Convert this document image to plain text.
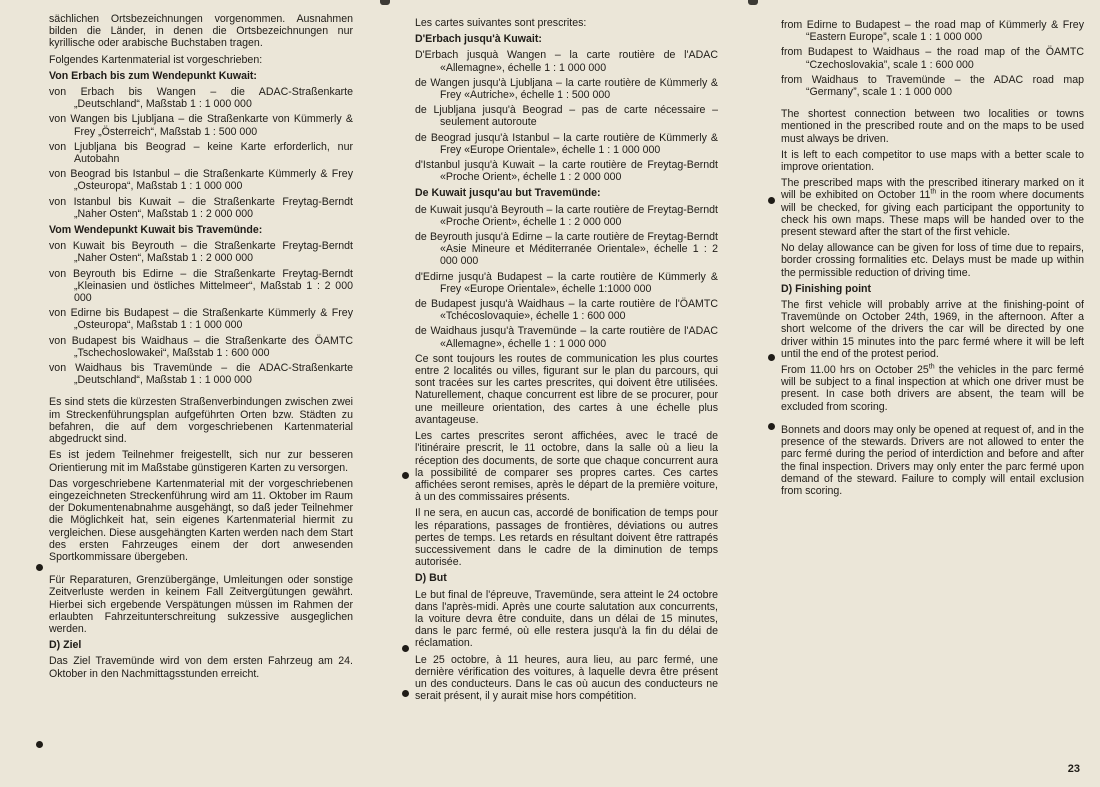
sächlichen Ortsbezeichnungen vorgenommen. Ausnahmen bilden die Länder, in denen die Ortsbezeichnungen nur kyrillische oder arabische Buchstaben tragen.

Folgendes Kartenmaterial ist vorgeschrieben:

Von Erbach bis zum Wendepunkt Kuwait:

von Erbach bis Wangen – die ADAC-Straßenkarte „Deutschland“, Maßstab 1 : 1 000 000

von Wangen bis Ljubljana – die Straßenkarte von Kümmerly & Frey „Österreich“, Maßstab 1 : 500 000

von Ljubljana bis Beograd – keine Karte erforderlich, nur Autobahn

von Beograd bis Istanbul – die Straßenkarte Kümmerly & Frey „Osteuropa“, Maßstab 1 : 1 000 000

von Istanbul bis Kuwait – die Straßenkarte Freytag-Berndt „Naher Osten“, Maßstab 1 : 2 000 000

Vom Wendepunkt Kuwait bis Travemünde:

von Kuwait bis Beyrouth – die Straßenkarte Freytag-Berndt „Naher Osten“, Maßstab 1 : 2 000 000

von Beyrouth bis Edirne – die Straßenkarte Freytag-Berndt „Kleinasien und östliches Mittelmeer“, Maßstab 1 : 2 000 000

von Edirne bis Budapest – die Straßenkarte Kümmerly & Frey „Osteuropa“, Maßstab 1 : 1 000 000

von Budapest bis Waidhaus – die Straßenkarte des ÖAMTC „Tschechoslowakei“, Maßstab 1 : 600 000

von Waidhaus bis Travemünde – die ADAC-Straßenkarte „Deutschland“, Maßstab 1 : 1 000 000

Es sind stets die kürzesten Straßenverbindungen zwischen zwei im Streckenführungsplan aufgeführten Orten bzw. Städten zu befahren, die auf dem vorgeschriebenen Kartenmaterial abgedruckt sind.

Es ist jedem Teilnehmer freigestellt, sich nur zur besseren Orientierung mit im Maßstabe günstigeren Karten zu versorgen.

Das vorgeschriebene Kartenmaterial mit der vorgeschriebenen eingezeichneten Streckenführung wird am 11. Oktober im Raum der Dokumentenabnahme ausgehängt, so daß jeder Teilnehmer die Möglichkeit hat, sein eigenes Kartenmaterial hiermit zu vergleichen. Diese ausgehängten Karten werden nach dem Start des ersten Fahrzeuges einem der dort anwesenden Sportkommissare übergeben.

Für Reparaturen, Grenzübergänge, Umleitungen oder sonstige Zeitverluste werden in keinem Fall Zeitvergütungen gewährt. Hierbei sich ergebende Verspätungen müssen im Rahmen der erlaubten Fahrzeitunterschreitung sukzessive ausgeglichen werden.

D) Ziel

Das Ziel Travemünde wird von dem ersten Fahrzeug am 24. Oktober in den Nachmittagsstunden erreicht.

Les cartes suivantes sont prescrites:

D'Erbach jusqu'à Kuwait:

D'Erbach jusquà Wangen – la carte routière de l'ADAC «Allemagne», échelle 1 : 1 000 000

de Wangen jusqu'à Ljubljana – la carte routière de Kümmerly & Frey «Autriche», échelle 1 : 500 000

de Ljubljana jusqu'à Beograd – pas de carte nécessaire – seulement autoroute

de Beograd jusqu'à Istanbul – la carte routière de Kümmerly & Frey «Europe Orientale», échelle 1 : 1 000 000

d'Istanbul jusqu'à Kuwait – la carte routière de Freytag-Berndt «Proche Orient», échelle 1 : 2 000 000

De Kuwait jusqu'au but Travemünde:

de Kuwait jusqu'à Beyrouth – la carte routière de Freytag-Berndt «Proche Orient», échelle 1 : 2 000 000

de Beyrouth jusqu'à Edirne – la carte routière de Freytag-Berndt «Asie Mineure et Méditerranée Orientale», échelle 1 : 2 000 000

d'Edirne jusqu'à Budapest – la carte routière de Kümmerly & Frey «Europe Orientale», échelle 1:1000 000

de Budapest jusqu'à Waidhaus – la carte routière de l'ÖAMTC «Tchécoslovaquie», échelle 1 : 600 000

de Waidhaus jusqu'à Travemünde – la carte routière de l'ADAC «Allemagne», échelle 1 : 1 000 000

Ce sont toujours les routes de communication les plus courtes entre 2 localités ou villes, figurant sur le plan du parcours, qui sont tracées sur les cartes prescrites, qui doivent être utilisées. Naturellement, chaque concurrent est libre de se procurer, pour une meilleure orientation, des cartes à une échelle plus avantageuse.

Les cartes prescrites seront affichées, avec le tracé de l'itinéraire prescrit, le 11 octobre, dans la salle où a lieu la réception des documents, de sorte que chaque concurrent aura la possibilité de comparer ses propres cartes. Ces cartes affichées seront remises, après le départ de la première voiture, à un des commissaires présents.

Il ne sera, en aucun cas, accordé de bonification de temps pour les réparations, passages de frontières, déviations ou autres pertes de temps. Les retards en résultant doivent être rattrapés successivement dans le cadre de la diminution de temps autorisée.

D) But

Le but final de l'épreuve, Travemünde, sera atteint le 24 octobre dans l'après-midi. Après une courte salutation aux concurrents, la voiture devra être conduite, dans un délai de 15 minutes, dans le parc fermé, où elle restera jusqu'à la fin du délai de réclamation.

Le 25 octobre, à 11 heures, aura lieu, au parc fermé, une dernière vérification des voitures, à laquelle devra être présent un des conducteurs. Dans le cas où aucun des conducteurs ne serait présent, il y aurait mise hors compétition.

from Edirne to Budapest – the road map of Kümmerly & Frey “Eastern Europe”, scale 1 : 1 000 000

from Budapest to Waidhaus – the road map of the ÖAMTC “Czechoslovakia”, scale 1 : 600 000

from Waidhaus to Travemünde – the ADAC road map “Germany”, scale 1 : 1 000 000

The shortest connection between two localities or towns mentioned in the prescribed route and on the maps to be used must always be driven.

It is left to each competitor to use maps with a better scale to improve orientation.

The prescribed maps with the prescribed itinerary marked on it will be exhibited on October 11th in the room where documents will be checked, for giving each participant the opportunity to check his own maps. These maps will be handed over to the present steward after the start of the first vehicle.

No delay allowance can be given for loss of time due to repairs, border crossing formalities etc. Delays must be made up within the permissible reduction of driving time.

D) Finishing point

The first vehicle will probably arrive at the finishing-point of Travemünde on October 24th, 1969, in the afternoon. After a short welcome of the drivers the car will be directed by one driver within 15 minutes into the parc fermé where it will be left until the end of the protest period.

From 11.00 hrs on October 25th the vehicles in the parc fermé will be subject to a final inspection at which one driver must be present. In case both drivers are absent, the team will be excluded from scoring.

Bonnets and doors may only be opened at request of, and in the presence of the stewards. Drivers are not allowed to enter the parc fermé during the period of interdiction and before and after the final inspection. Drivers may only enter the parc fermé upon demand of the steward. Failure to comply will entail exclusion from scoring.

23
